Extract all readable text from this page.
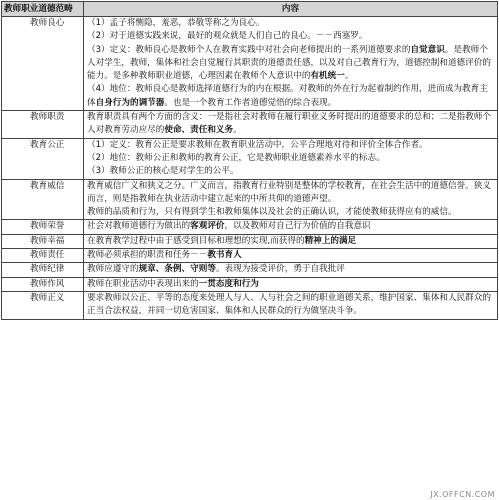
教师职业道德范畴	内容
教师良心	（1）孟子将恻隐，羞恶，恭敬等称之为良心。
（2）对于道德实践来说，最好的观众就是人们自己的良心。－－西塞罗。
（3）定义：教师良心是教师个人在教育实践中对社会向老师提出的一系列道德要求的自觉意识。是教师个人对学生，教师，集体和社会自觉履行其职责的道德责任感，以及对自己教育行为，道德控制和道德评价的能力。是多种教师职业道德，心理因素在教师个人意识中的有机统一。
（4）地位：教师良心是教师选择道德行为的内在根据。对教师的外在行为起着制约作用，进而成为教育主体自身行为的调节器。也是一个教育工作者道德觉悟的综合表现。

教师职责	教育职责具有两个方面的含义：一是指社会对教师在履行职业义务时提出的道德要求的总和；二是指教师个人对教育劳动应尽的使命、责任和义务。

教育公正	（1）定义：教育公正是要求教师在教育职业活动中，公平合理地对待和评价全体合作者。
（2）地位：教师公正和教师的教育公正，它是教师职业道德素养水平的标志。
（3）教师公正的核心是对学生的公平。

教育威信	教育威信广义和狭义之分。广义而言，指教育行业特别是整体的学校教育，在社会生活中的道德信誉。狭义而言，则是指教师在执业活动中建立起来的中所共仰的道德声望。
教师的品质和行为，只有得到学生和教师集体以及社会的正确认识，才能使教师获得应有的威信。

教师荣誉	社会对教师道德行为做出的客观评价，以及教师对自己行为价值的自我意识

教师幸福	在教育教学过程中由于感受到目标和理想的实现,而获得的精神上的满足

教师责任	教师必须承担的职责和任务－－教书育人

教师纪律	教师应遵守的规章、条例、守则等。表现为接受评价，勇于自我批评

教师作风	教师在职业活动中表现出来的一贯态度和行为

教师正义	要求教师以公正、平等的态度来处理人与人、人与社会之间的职业道德关系，维护国家、集体和人民群众的正当合法权益，并同一切危害国家、集体和人民群众的行为做坚决斗争。
JX.OFFCN.COM
